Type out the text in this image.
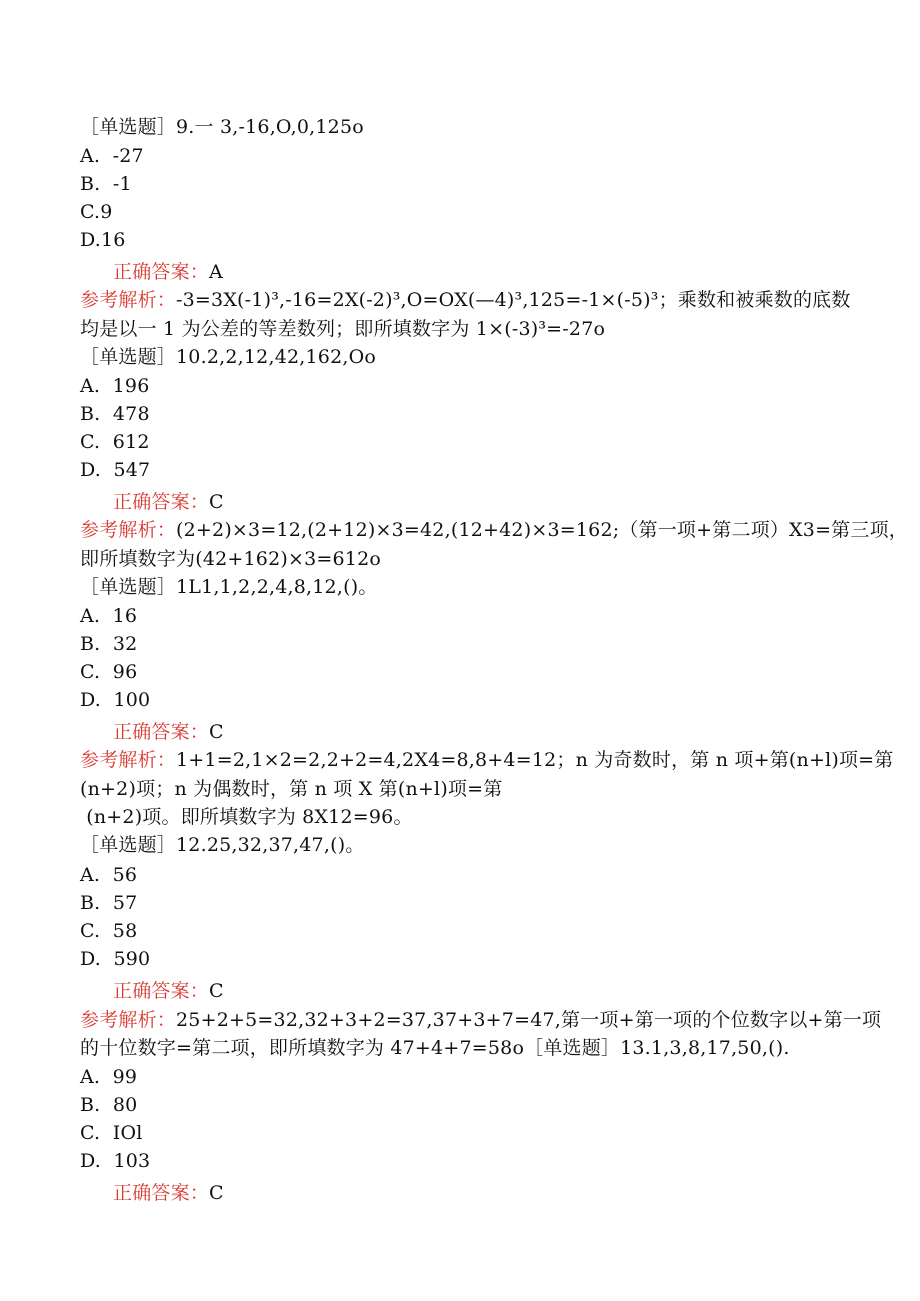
［单选题］9.一 3,-16,O,0,125o
A.  -27
B.  -1
C.9
D.16
正确答案：A
参考解析：-3=3X(-1)³,-16=2X(-2)³,O=OX(—4)³,125=-1×(-5)³；乘数和被乘数的底数
均是以一 1 为公差的等差数列；即所填数字为 1×(-3)³=-27o
［单选题］10.2,2,12,42,162,Oo
A.  196
B.  478
C.  612
D.  547
正确答案：C
参考解析：(2+2)×3=12,(2+12)×3=42,(12+42)×3=162;（第一项+第二项）X3=第三项，
即所填数字为(42+162)×3=612o
［单选题］1L1,1,2,2,4,8,12,()。
A.  16
B.  32
C.  96
D.  100
正确答案：C
参考解析：1+1=2,1×2=2,2+2=4,2X4=8,8+4=12；n 为奇数时，第 n 项+第(n+l)项=第
(n+2)项；n 为偶数时，第 n 项 X 第(n+l)项=第
(n+2)项。即所填数字为 8X12=96。
［单选题］12.25,32,37,47,()。
A.  56
B.  57
C.  58
D.  590
正确答案：C
参考解析：25+2+5=32,32+3+2=37,37+3+7=47,第一项+第一项的个位数字以+第一项
的十位数字=第二项，即所填数字为 47+4+7=58o［单选题］13.1,3,8,17,50,().
A.  99
B.  80
C.  IOl
D.  103
正确答案：C
